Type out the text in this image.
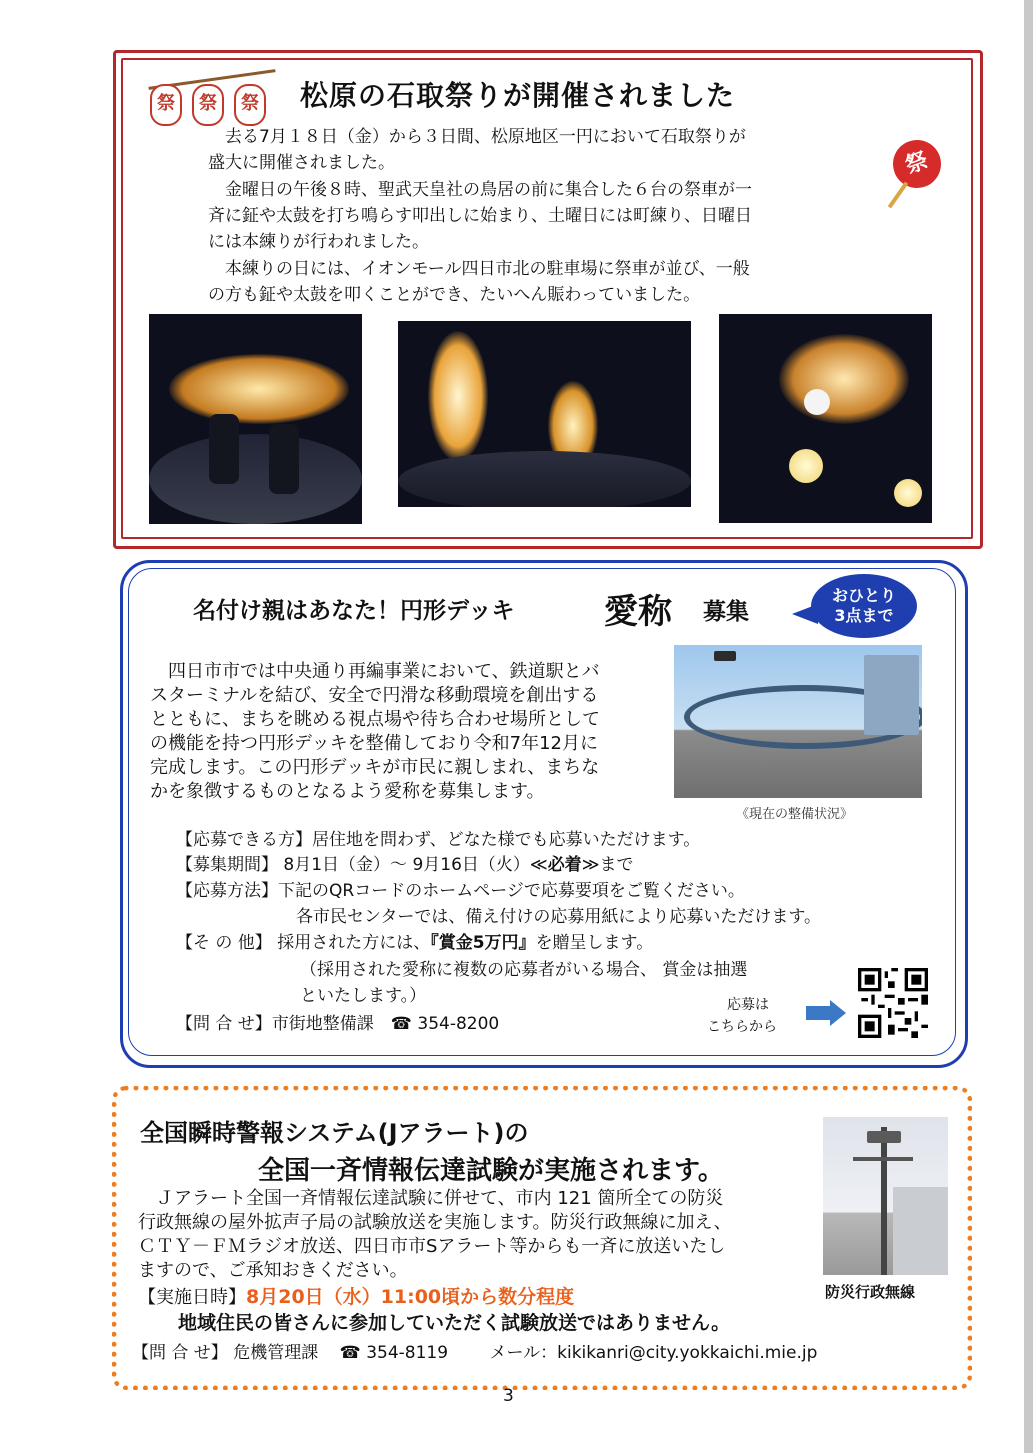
祭	祭	祭 松原の石取祭りが開催されました
祭
　去る7月１８日（金）から３日間、松原地区一円において石取祭りが
盛大に開催されました。
　金曜日の午後８時、聖武天皇社の鳥居の前に集合した６台の祭車が一
斉に鉦や太鼓を打ち鳴らす叩出しに始まり、土曜日には町練り、日曜日
には本練りが行われました。
　本練りの日には、イオンモール四日市北の駐車場に祭車が並び、一般
の方も鉦や太鼓を叩くことができ、たいへん賑わっていました。
名付け親はあなた！円形デッキ	愛称 募集
おひとり
3点まで
　四日市市では中央通り再編事業において、鉄道駅とバ
スターミナルを結び、安全で円滑な移動環境を創出する
とともに、まちを眺める視点場や待ち合わせ場所として
の機能を持つ円形デッキを整備しており令和7年12月に
完成します。この円形デッキが市民に親しまれ、まちな
かを象徴するものとなるよう愛称を募集します。
《現在の整備状況》
【応募できる方】居住地を問わず、どなた様でも応募いただけます。
【募集期間】 8月1日（金）～ 9月16日（火）≪必着≫まで
【応募方法】下記のQRコードのホームページで応募要項をご覧ください。
各市民センターでは、備え付けの応募用紙により応募いただけます。
【そ の 他】 採用された方には、『賞金5万円』を贈呈します。
（採用された愛称に複数の応募者がいる場合、 賞金は抽選
といたします。）
【問 合 せ】市街地整備課　☎ 354-8200
応募は
こちらから
全国瞬時警報システム(Jアラート)の
全国一斉情報伝達試験が実施されます。
防災行政無線
　Ｊアラート全国一斉情報伝達試験に併せて、市内 121 箇所全ての防災
行政無線の屋外拡声子局の試験放送を実施します。防災行政無線に加え、
ＣＴＹ－ＦＭラジオ放送、四日市市Sアラート等からも一斉に放送いたし
ますので、ご承知おきください。
【実施日時】8月20日（水）11:00頃から数分程度
地域住民の皆さんに参加していただく試験放送ではありません。
【問 合 せ】 危機管理課 ☎ 354-8119 メール：kikikanri@city.yokkaichi.mie.jp
3
